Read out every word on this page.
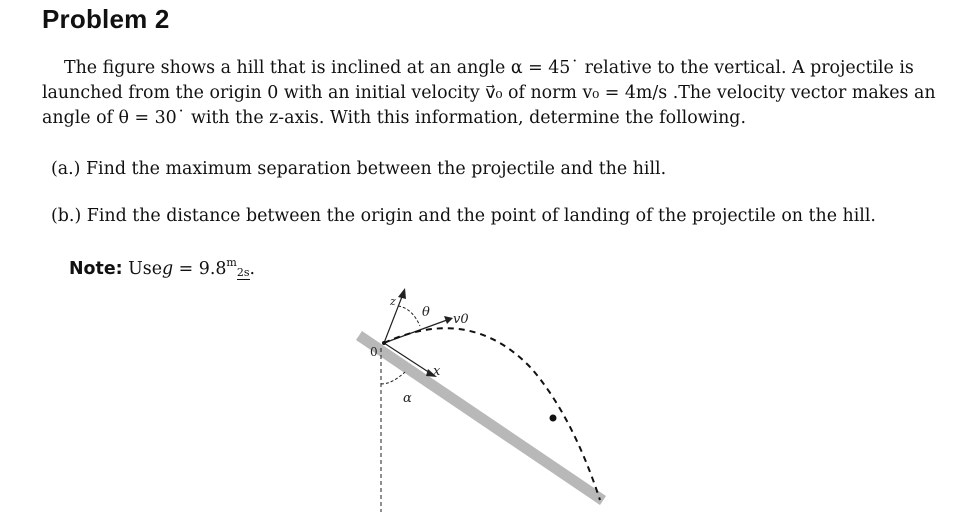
Problem 2
The figure shows a hill that is inclined at an angle α = 45˙ relative to the vertical. A projectile is
launched from the origin 0 with an initial velocity v⃗₀ of norm v₀ = 4m/s .The velocity vector makes an
angle of θ = 30˙ with the z-axis. With this information, determine the following.
(a.) Find the maximum separation between the projectile and the hill.
(b.) Find the distance between the origin and the point of landing of the projectile on the hill.
Note: Useg = $9.8^m_{2s}$.
z
θ v0
0
x
α
